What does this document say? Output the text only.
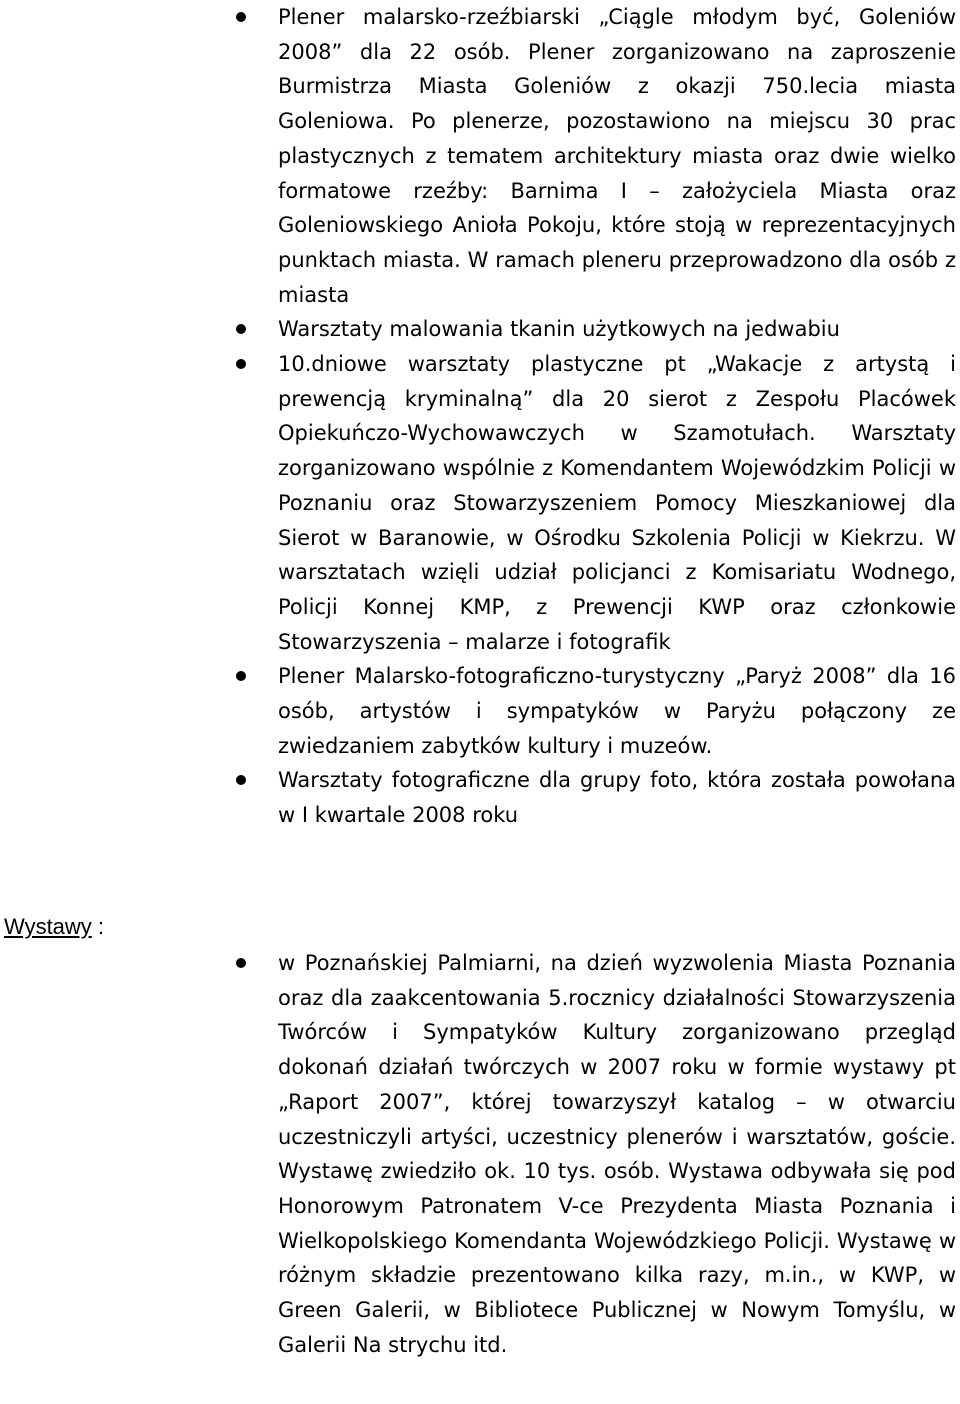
Plener malarsko-rzeźbiarski „Ciągle młodym być, Goleniów 2008” dla 22 osób. Plener zorganizowano na zaproszenie Burmistrza Miasta Goleniów z okazji 750.lecia miasta Goleniowa. Po plenerze, pozostawiono na miejscu 30 prac plastycznych z tematem architektury miasta oraz dwie wielko formatowe rzeźby: Barnima I – założyciela Miasta oraz Goleniowskiego Anioła Pokoju, które stoją w reprezentacyjnych punktach miasta. W ramach pleneru przeprowadzono dla osób z miasta
Warsztaty malowania tkanin użytkowych na jedwabiu
10.dniowe warsztaty plastyczne pt „Wakacje z artystą i prewencją kryminalną” dla 20 sierot z Zespołu Placówek Opiekuńczo-Wychowawczych w Szamotułach. Warsztaty zorganizowano wspólnie z Komendantem Wojewódzkim Policji w Poznaniu oraz Stowarzyszeniem Pomocy Mieszkaniowej dla Sierot w Baranowie, w Ośrodku Szkolenia Policji w Kiekrzu. W warsztatach wzięli udział policjanci z Komisariatu Wodnego, Policji Konnej KMP, z Prewencji KWP oraz członkowie Stowarzyszenia – malarze i fotografik
Plener Malarsko-fotograficzno-turystyczny „Paryż 2008” dla 16 osób, artystów i sympatyków w Paryżu połączony ze zwiedzaniem zabytków kultury i muzeów.
Warsztaty fotograficzne dla grupy foto, która została powołana w I kwartale 2008 roku
Wystawy :
w Poznańskiej Palmiarni, na dzień wyzwolenia Miasta Poznania oraz dla zaakcentowania 5.rocznicy działalności Stowarzyszenia Twórców i Sympatyków Kultury zorganizowano przegląd dokonań działań twórczych w 2007 roku w formie wystawy pt „Raport 2007”, której towarzyszył katalog – w otwarciu uczestniczyli artyści, uczestnicy plenerów i warsztatów, goście. Wystawę zwiedziło ok. 10 tys. osób. Wystawa odbywała się pod Honorowym Patronatem V-ce Prezydenta Miasta Poznania i Wielkopolskiego Komendanta Wojewódzkiego Policji. Wystawę w różnym składzie prezentowano kilka razy, m.in., w KWP, w Green Galerii, w Bibliotece Publicznej w Nowym Tomyślu, w Galerii Na strychu itd.
